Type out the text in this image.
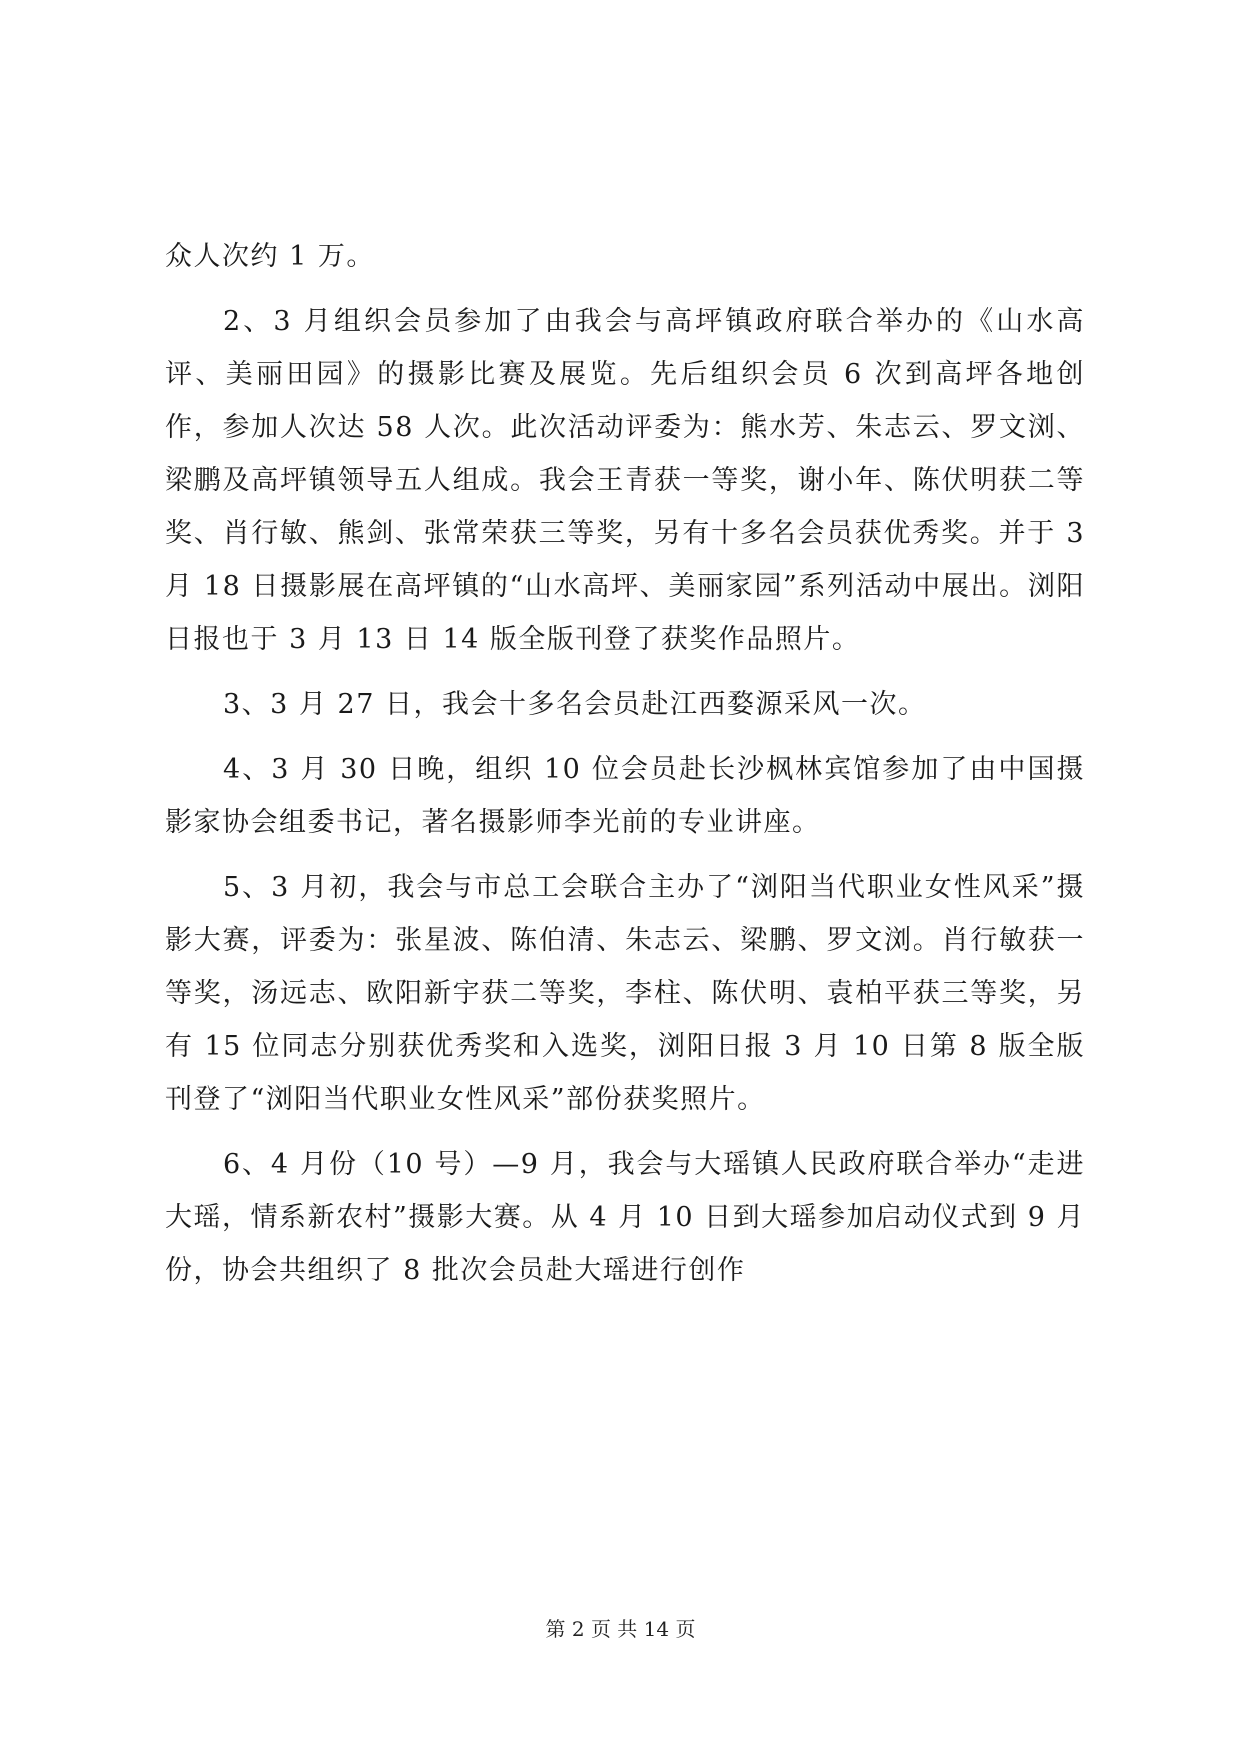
众人次约 1 万。

2、3 月组织会员参加了由我会与高坪镇政府联合举办的《山水高评、美丽田园》的摄影比赛及展览。先后组织会员 6 次到高坪各地创作，参加人次达 58 人次。此次活动评委为：熊水芳、朱志云、罗文浏、梁鹏及高坪镇领导五人组成。我会王青获一等奖，谢小年、陈伏明获二等奖、肖行敏、熊剑、张常荣获三等奖，另有十多名会员获优秀奖。并于 3 月 18 日摄影展在高坪镇的“山水高坪、美丽家园”系列活动中展出。浏阳日报也于 3 月 13 日 14 版全版刊登了获奖作品照片。

3、3 月 27 日，我会十多名会员赴江西婺源采风一次。

4、3 月 30 日晚，组织 10 位会员赴长沙枫林宾馆参加了由中国摄影家协会组委书记，著名摄影师李光前的专业讲座。

5、3 月初，我会与市总工会联合主办了“浏阳当代职业女性风采”摄影大赛，评委为：张星波、陈伯清、朱志云、梁鹏、罗文浏。肖行敏获一等奖，汤远志、欧阳新宇获二等奖，李柱、陈伏明、袁柏平获三等奖，另有 15 位同志分别获优秀奖和入选奖，浏阳日报 3 月 10 日第 8 版全版刊登了“浏阳当代职业女性风采”部份获奖照片。

6、4 月份（10 号）—9 月，我会与大瑶镇人民政府联合举办“走进大瑶，情系新农村”摄影大赛。从 4 月 10 日到大瑶参加启动仪式到 9 月份，协会共组织了 8 批次会员赴大瑶进行创作

第 2 页 共 14 页
